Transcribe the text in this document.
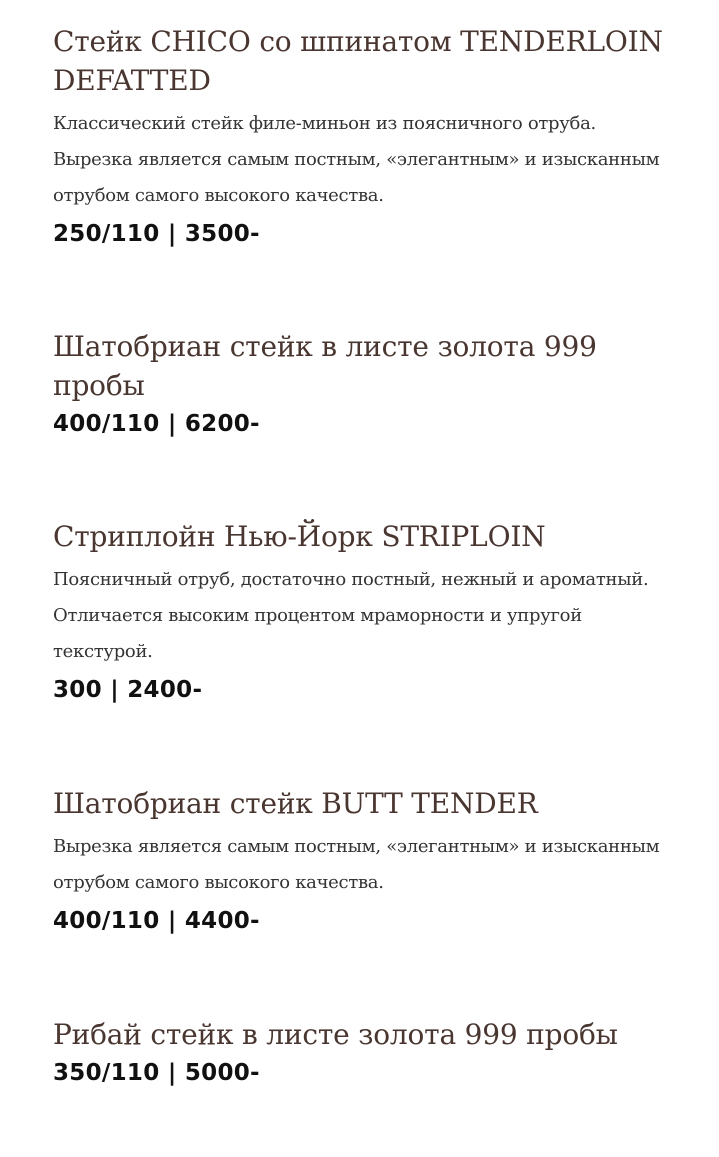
Стейк CHICO со шпинатом TENDERLOIN DEFATTED

Классический стейк филе-миньон из поясничного отруба. Вырезка является самым постным, «элегантным» и изысканным отрубом самого высокого качества.

250/110 | 3500-
Шатобриан стейк в листе золота 999 пробы
400/110 | 6200-
Стриплойн Нью-Йорк STRIPLOIN

Поясничный отруб, достаточно постный, нежный и ароматный. Отличается высоким процентом мраморности и упругой текстурой.

300 | 2400-
Шатобриан стейк BUTT TENDER

Вырезка является самым постным, «элегантным» и изысканным отрубом самого высокого качества.

400/110 | 4400-
Рибай стейк в листе золота 999 пробы
350/110 | 5000-
